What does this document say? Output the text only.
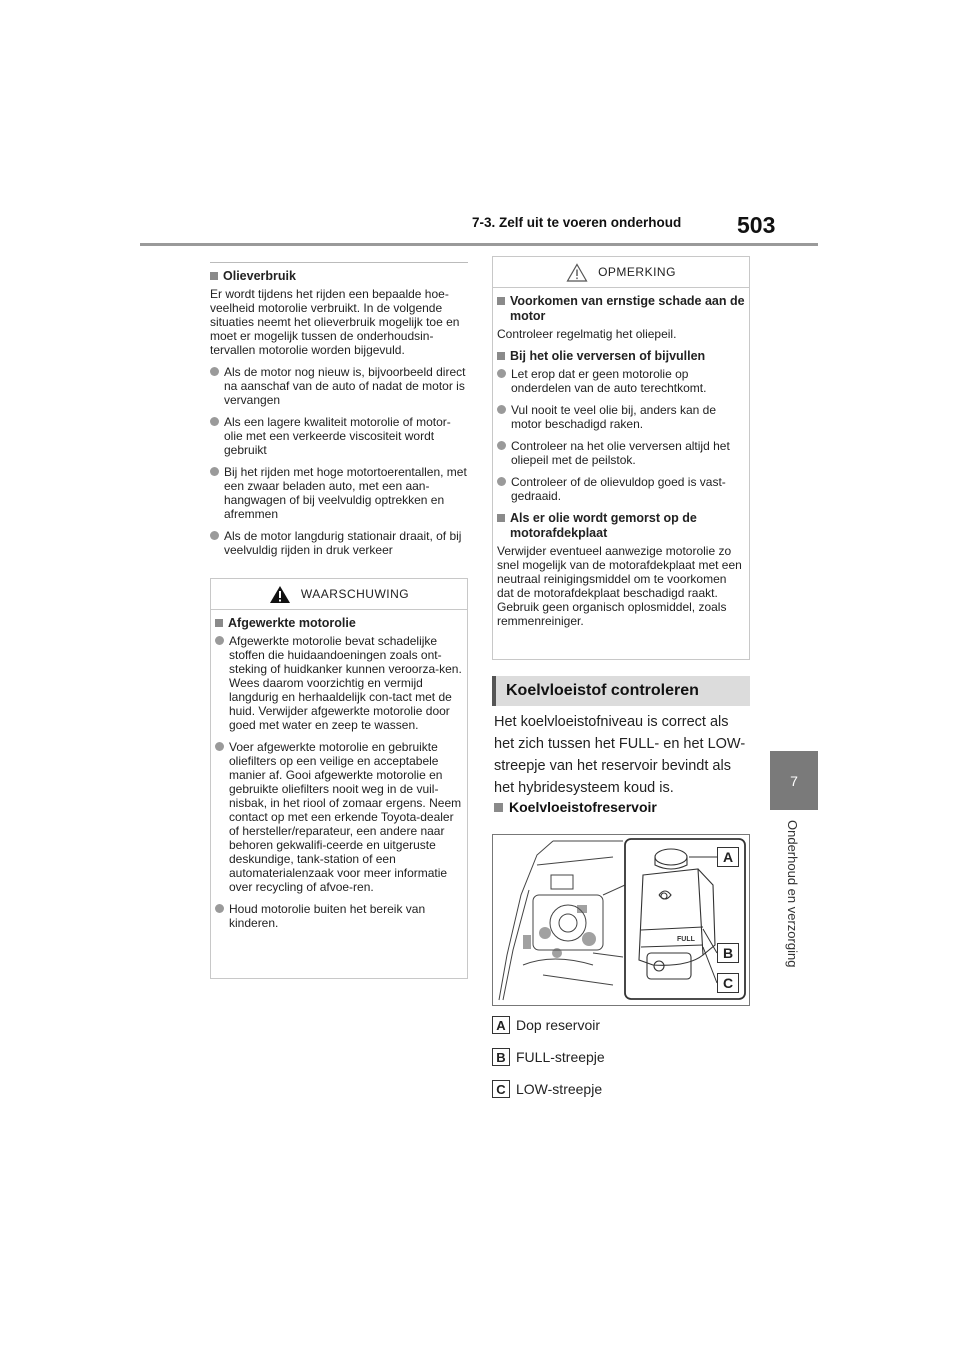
7-3. Zelf uit te voeren onderhoud 503
7
Onderhoud en verzorging
Olieverbruik

Er wordt tijdens het rijden een bepaalde hoe-veelheid motorolie verbruikt. In de volgende situaties neemt het olieverbruik mogelijk toe en moet er mogelijk tussen de onderhoudsin-tervallen motorolie worden bijgevuld.

Als de motor nog nieuw is, bijvoorbeeld direct na aanschaf van de auto of nadat de motor is vervangen
Als een lagere kwaliteit motorolie of motor-olie met een verkeerde viscositeit wordt gebruikt
Bij het rijden met hoge motortoerentallen, met een zwaar beladen auto, met een aan-hangwagen of bij veelvuldig optrekken en afremmen
Als de motor langdurig stationair draait, of bij veelvuldig rijden in druk verkeer
WAARSCHUWING
Afgewerkte motorolie
Afgewerkte motorolie bevat schadelijke stoffen die huidaandoeningen zoals ont-steking of huidkanker kunnen veroorza-ken. Wees daarom voorzichtig en vermijd langdurig en herhaaldelijk con-tact met de huid. Verwijder afgewerkte motorolie door goed met water en zeep te wassen.
Voer afgewerkte motorolie en gebruikte oliefilters op een veilige en acceptabele manier af. Gooi afgewerkte motorolie en gebruikte oliefilters nooit weg in de vuil-nisbak, in het riool of zomaar ergens. Neem contact op met een erkende Toyota-dealer of hersteller/reparateur, een andere naar behoren gekwalifi-ceerde en uitgeruste deskundige, tank-station of een automaterialenzaak voor meer informatie over recycling of afvoe-ren.
Houd motorolie buiten het bereik van kinderen.
OPMERKING
Voorkomen van ernstige schade aan de motor

Controleer regelmatig het oliepeil.

Bij het olie verversen of bijvullen
Let erop dat er geen motorolie op onderdelen van de auto terechtkomt.
Vul nooit te veel olie bij, anders kan de motor beschadigd raken.
Controleer na het olie verversen altijd het oliepeil met de peilstok.
Controleer of de olievuldop goed is vast-gedraaid.
Als er olie wordt gemorst op de motorafdekplaat

Verwijder eventueel aanwezige motorolie zo snel mogelijk van de motorafdekplaat met een neutraal reinigingsmiddel om te voorkomen dat de motorafdekplaat beschadigd raakt. Gebruik geen organisch oplosmiddel, zoals remmenreiniger.

Koelvloeistof controleren
Het koelvloeistofniveau is correct als het zich tussen het FULL- en het LOW-streepje van het reservoir bevindt als het hybridesysteem koud is.
Koelvloeistofreservoir
FULL
A
B
C
A Dop reservoir
B FULL-streepje
C LOW-streepje
